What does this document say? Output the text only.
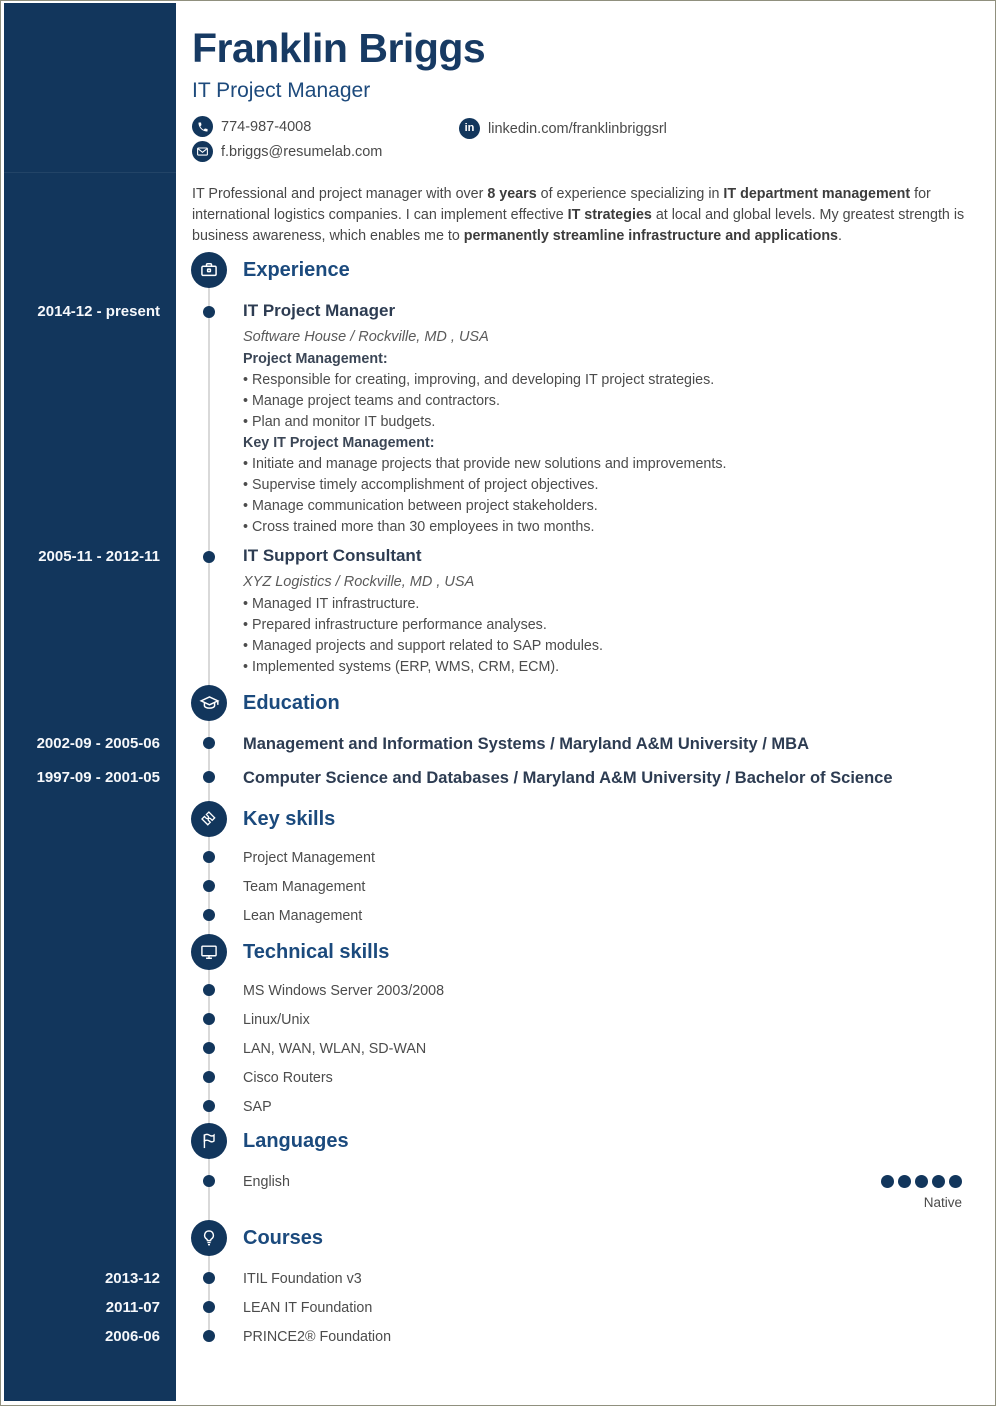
2014-12 - present
2005-11 - 2012-11
2002-09 - 2005-06
1997-09 - 2001-05
2013-12
2011-07
2006-06
Franklin Briggs
IT Project Manager
774-987-4008
f.briggs@resumelab.com
in linkedin.com/franklinbriggsrl

IT Professional and project manager with over 8 years of experience specializing in IT department management for international logistics companies. I can implement effective IT strategies at local and global levels. My greatest strength is business awareness, which enables me to permanently streamline infrastructure and applications.

Experience
IT Project Manager
Software House / Rockville, MD , USA
Project Management:
• Responsible for creating, improving, and developing IT project strategies.
• Manage project teams and contractors.
• Plan and monitor IT budgets.
Key IT Project Management:
• Initiate and manage projects that provide new solutions and improvements.
• Supervise timely accomplishment of project objectives.
• Manage communication between project stakeholders.
• Cross trained more than 30 employees in two months.
IT Support Consultant
XYZ Logistics / Rockville, MD , USA
• Managed IT infrastructure.
• Prepared infrastructure performance analyses.
• Managed projects and support related to SAP modules.
• Implemented systems (ERP, WMS, CRM, ECM).
Education
Management and Information Systems / Maryland A&M University / MBA
Computer Science and Databases / Maryland A&M University / Bachelor of Science
Key skills
Project Management
Team Management
Lean Management
Technical skills
MS Windows Server 2003/2008
Linux/Unix
LAN, WAN, WLAN, SD-WAN
Cisco Routers
SAP
Languages
English
Native
Courses
ITIL Foundation v3
LEAN IT Foundation
PRINCE2® Foundation
